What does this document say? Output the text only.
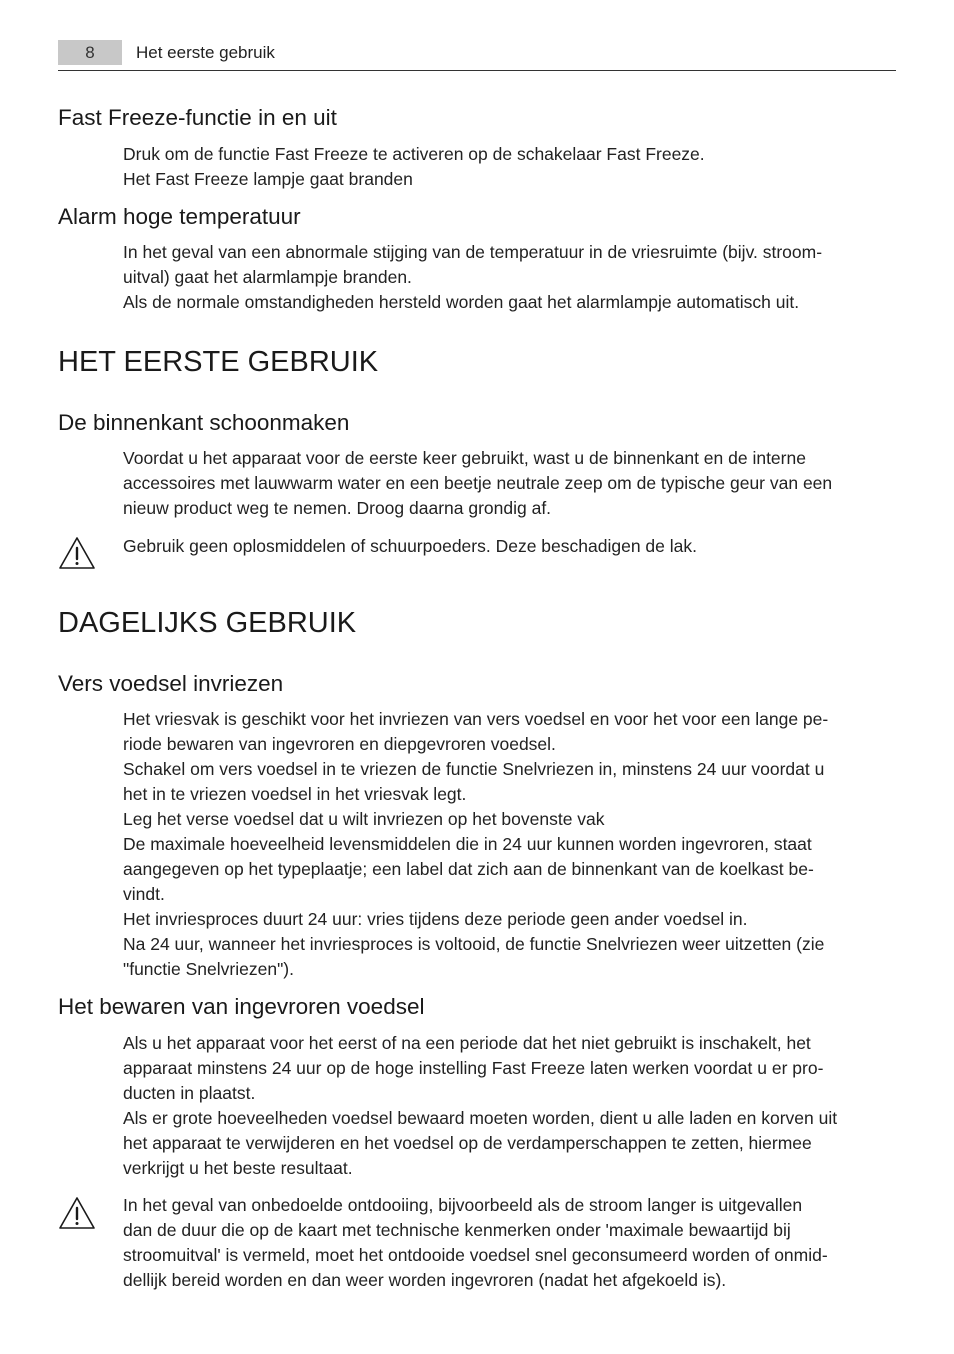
8	Het eerste gebruik
Fast Freeze-functie in en uit
Druk om de functie Fast Freeze te activeren op de schakelaar Fast Freeze.
Het Fast Freeze lampje gaat branden
Alarm hoge temperatuur
In het geval van een abnormale stijging van de temperatuur in de vriesruimte (bijv. stroom-
uitval) gaat het alarmlampje branden.
Als de normale omstandigheden hersteld worden gaat het alarmlampje automatisch uit.
HET EERSTE GEBRUIK
De binnenkant schoonmaken
Voordat u het apparaat voor de eerste keer gebruikt, wast u de binnenkant en de interne
accessoires met lauwwarm water en een beetje neutrale zeep om de typische geur van een
nieuw product weg te nemen. Droog daarna grondig af.
Gebruik geen oplosmiddelen of schuurpoeders. Deze beschadigen de lak.
DAGELIJKS GEBRUIK
Vers voedsel invriezen
Het vriesvak is geschikt voor het invriezen van vers voedsel en voor het voor een lange pe-
riode bewaren van ingevroren en diepgevroren voedsel.
Schakel om vers voedsel in te vriezen de functie Snelvriezen in, minstens 24 uur voordat u
het in te vriezen voedsel in het vriesvak legt.
Leg het verse voedsel dat u wilt invriezen op het bovenste vak
De maximale hoeveelheid levensmiddelen die in 24 uur kunnen worden ingevroren, staat
aangegeven op het typeplaatje; een label dat zich aan de binnenkant van de koelkast be-
vindt.
Het invriesproces duurt 24 uur: vries tijdens deze periode geen ander voedsel in.
Na 24 uur, wanneer het invriesproces is voltooid, de functie Snelvriezen weer uitzetten (zie
"functie Snelvriezen").
Het bewaren van ingevroren voedsel
Als u het apparaat voor het eerst of na een periode dat het niet gebruikt is inschakelt, het
apparaat minstens 24 uur op de hoge instelling Fast Freeze laten werken voordat u er pro-
ducten in plaatst.
Als er grote hoeveelheden voedsel bewaard moeten worden, dient u alle laden en korven uit
het apparaat te verwijderen en het voedsel op de verdamperschappen te zetten, hiermee
verkrijgt u het beste resultaat.
In het geval van onbedoelde ontdooiing, bijvoorbeeld als de stroom langer is uitgevallen
dan de duur die op de kaart met technische kenmerken onder 'maximale bewaartijd bij
stroomuitval' is vermeld, moet het ontdooide voedsel snel geconsumeerd worden of onmid-
dellijk bereid worden en dan weer worden ingevroren (nadat het afgekoeld is).
